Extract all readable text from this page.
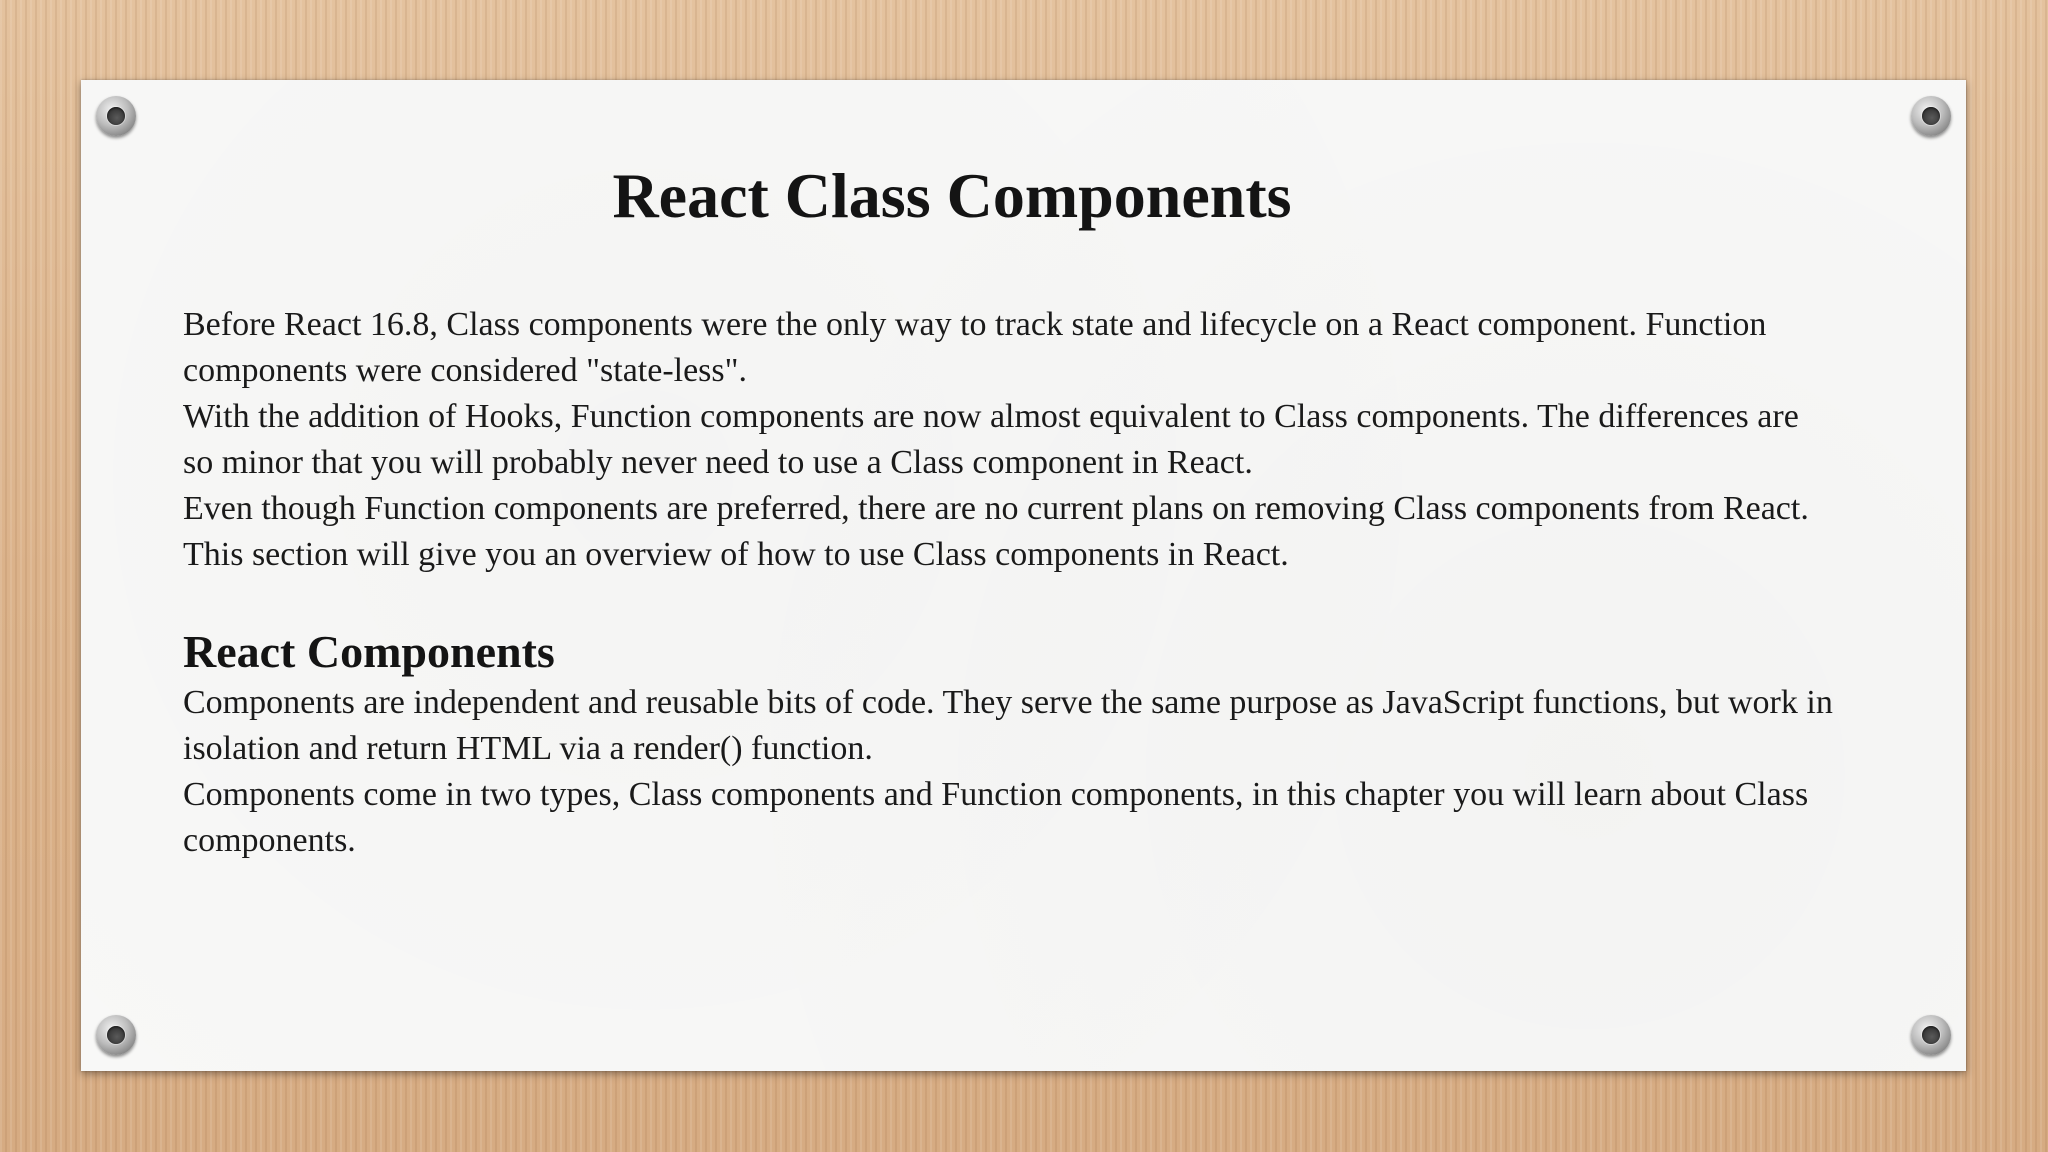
React Class Components

Before React 16.8, Class components were the only way to track state and lifecycle on a React component. Function components were considered "state-less".

With the addition of Hooks, Function components are now almost equivalent to Class components. The differences are so minor that you will probably never need to use a Class component in React.

Even though Function components are preferred, there are no current plans on removing Class components from React.

This section will give you an overview of how to use Class components in React.

React Components

Components are independent and reusable bits of code. They serve the same purpose as JavaScript functions, but work in isolation and return HTML via a render() function.

Components come in two types, Class components and Function components, in this chapter you will learn about Class components.
